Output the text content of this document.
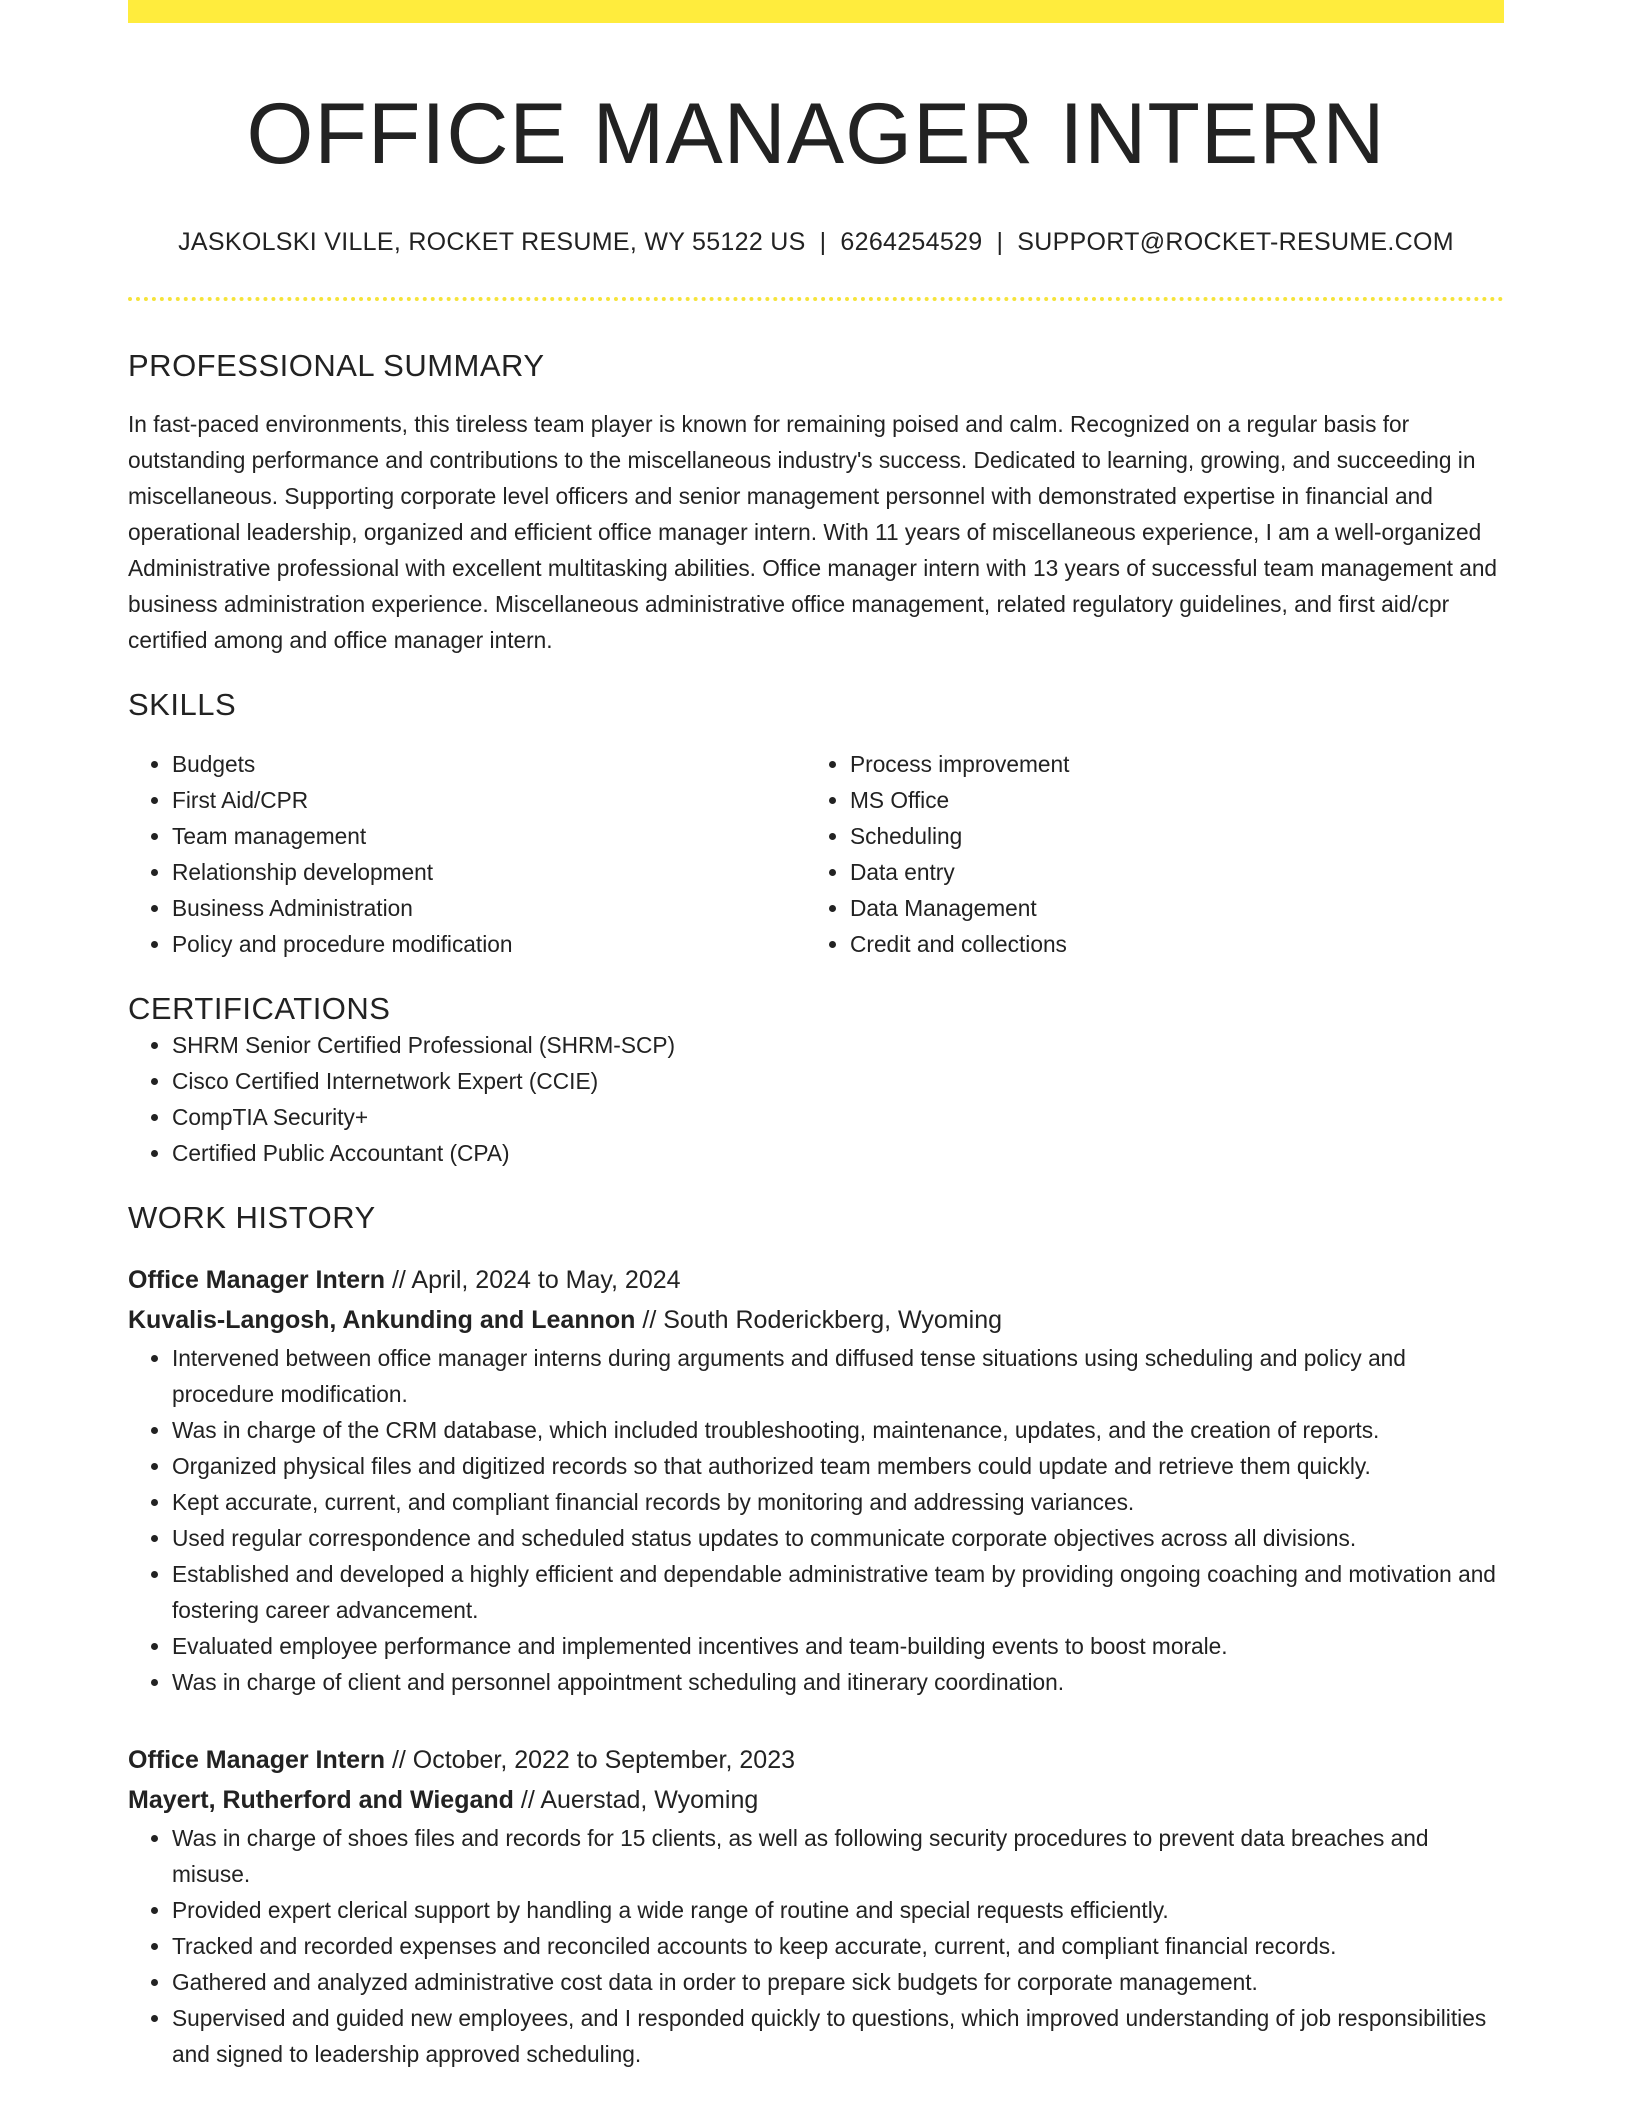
OFFICE MANAGER INTERN
JASKOLSKI VILLE, ROCKET RESUME, WY 55122 US | 6264254529 | SUPPORT@ROCKET-RESUME.COM
PROFESSIONAL SUMMARY

In fast-paced environments, this tireless team player is known for remaining poised and calm. Recognized on a regular basis for outstanding performance and contributions to the miscellaneous industry's success. Dedicated to learning, growing, and succeeding in miscellaneous. Supporting corporate level officers and senior management personnel with demonstrated expertise in financial and operational leadership, organized and efficient office manager intern. With 11 years of miscellaneous experience, I am a well-organized Administrative professional with excellent multitasking abilities. Office manager intern with 13 years of successful team management and business administration experience. Miscellaneous administrative office management, related regulatory guidelines, and first aid/cpr certified among and office manager intern.

SKILLS
• Budgets
• First Aid/CPR
• Team management
• Relationship development
• Business Administration
• Policy and procedure modification
• Process improvement
• MS Office
• Scheduling
• Data entry
• Data Management
• Credit and collections
CERTIFICATIONS
• SHRM Senior Certified Professional (SHRM-SCP)
• Cisco Certified Internetwork Expert (CCIE)
• CompTIA Security+
• Certified Public Accountant (CPA)
WORK HISTORY
Office Manager Intern // April, 2024 to May, 2024
Kuvalis-Langosh, Ankunding and Leannon // South Roderickberg, Wyoming
• Intervened between office manager interns during arguments and diffused tense situations using scheduling and policy and procedure modification.
• Was in charge of the CRM database, which included troubleshooting, maintenance, updates, and the creation of reports.
• Organized physical files and digitized records so that authorized team members could update and retrieve them quickly.
• Kept accurate, current, and compliant financial records by monitoring and addressing variances.
• Used regular correspondence and scheduled status updates to communicate corporate objectives across all divisions.
• Established and developed a highly efficient and dependable administrative team by providing ongoing coaching and motivation and fostering career advancement.
• Evaluated employee performance and implemented incentives and team-building events to boost morale.
• Was in charge of client and personnel appointment scheduling and itinerary coordination.
Office Manager Intern // October, 2022 to September, 2023
Mayert, Rutherford and Wiegand // Auerstad, Wyoming
• Was in charge of shoes files and records for 15 clients, as well as following security procedures to prevent data breaches and misuse.
• Provided expert clerical support by handling a wide range of routine and special requests efficiently.
• Tracked and recorded expenses and reconciled accounts to keep accurate, current, and compliant financial records.
• Gathered and analyzed administrative cost data in order to prepare sick budgets for corporate management.
• Supervised and guided new employees, and I responded quickly to questions, which improved understanding of job responsibilities and signed to leadership approved scheduling.
